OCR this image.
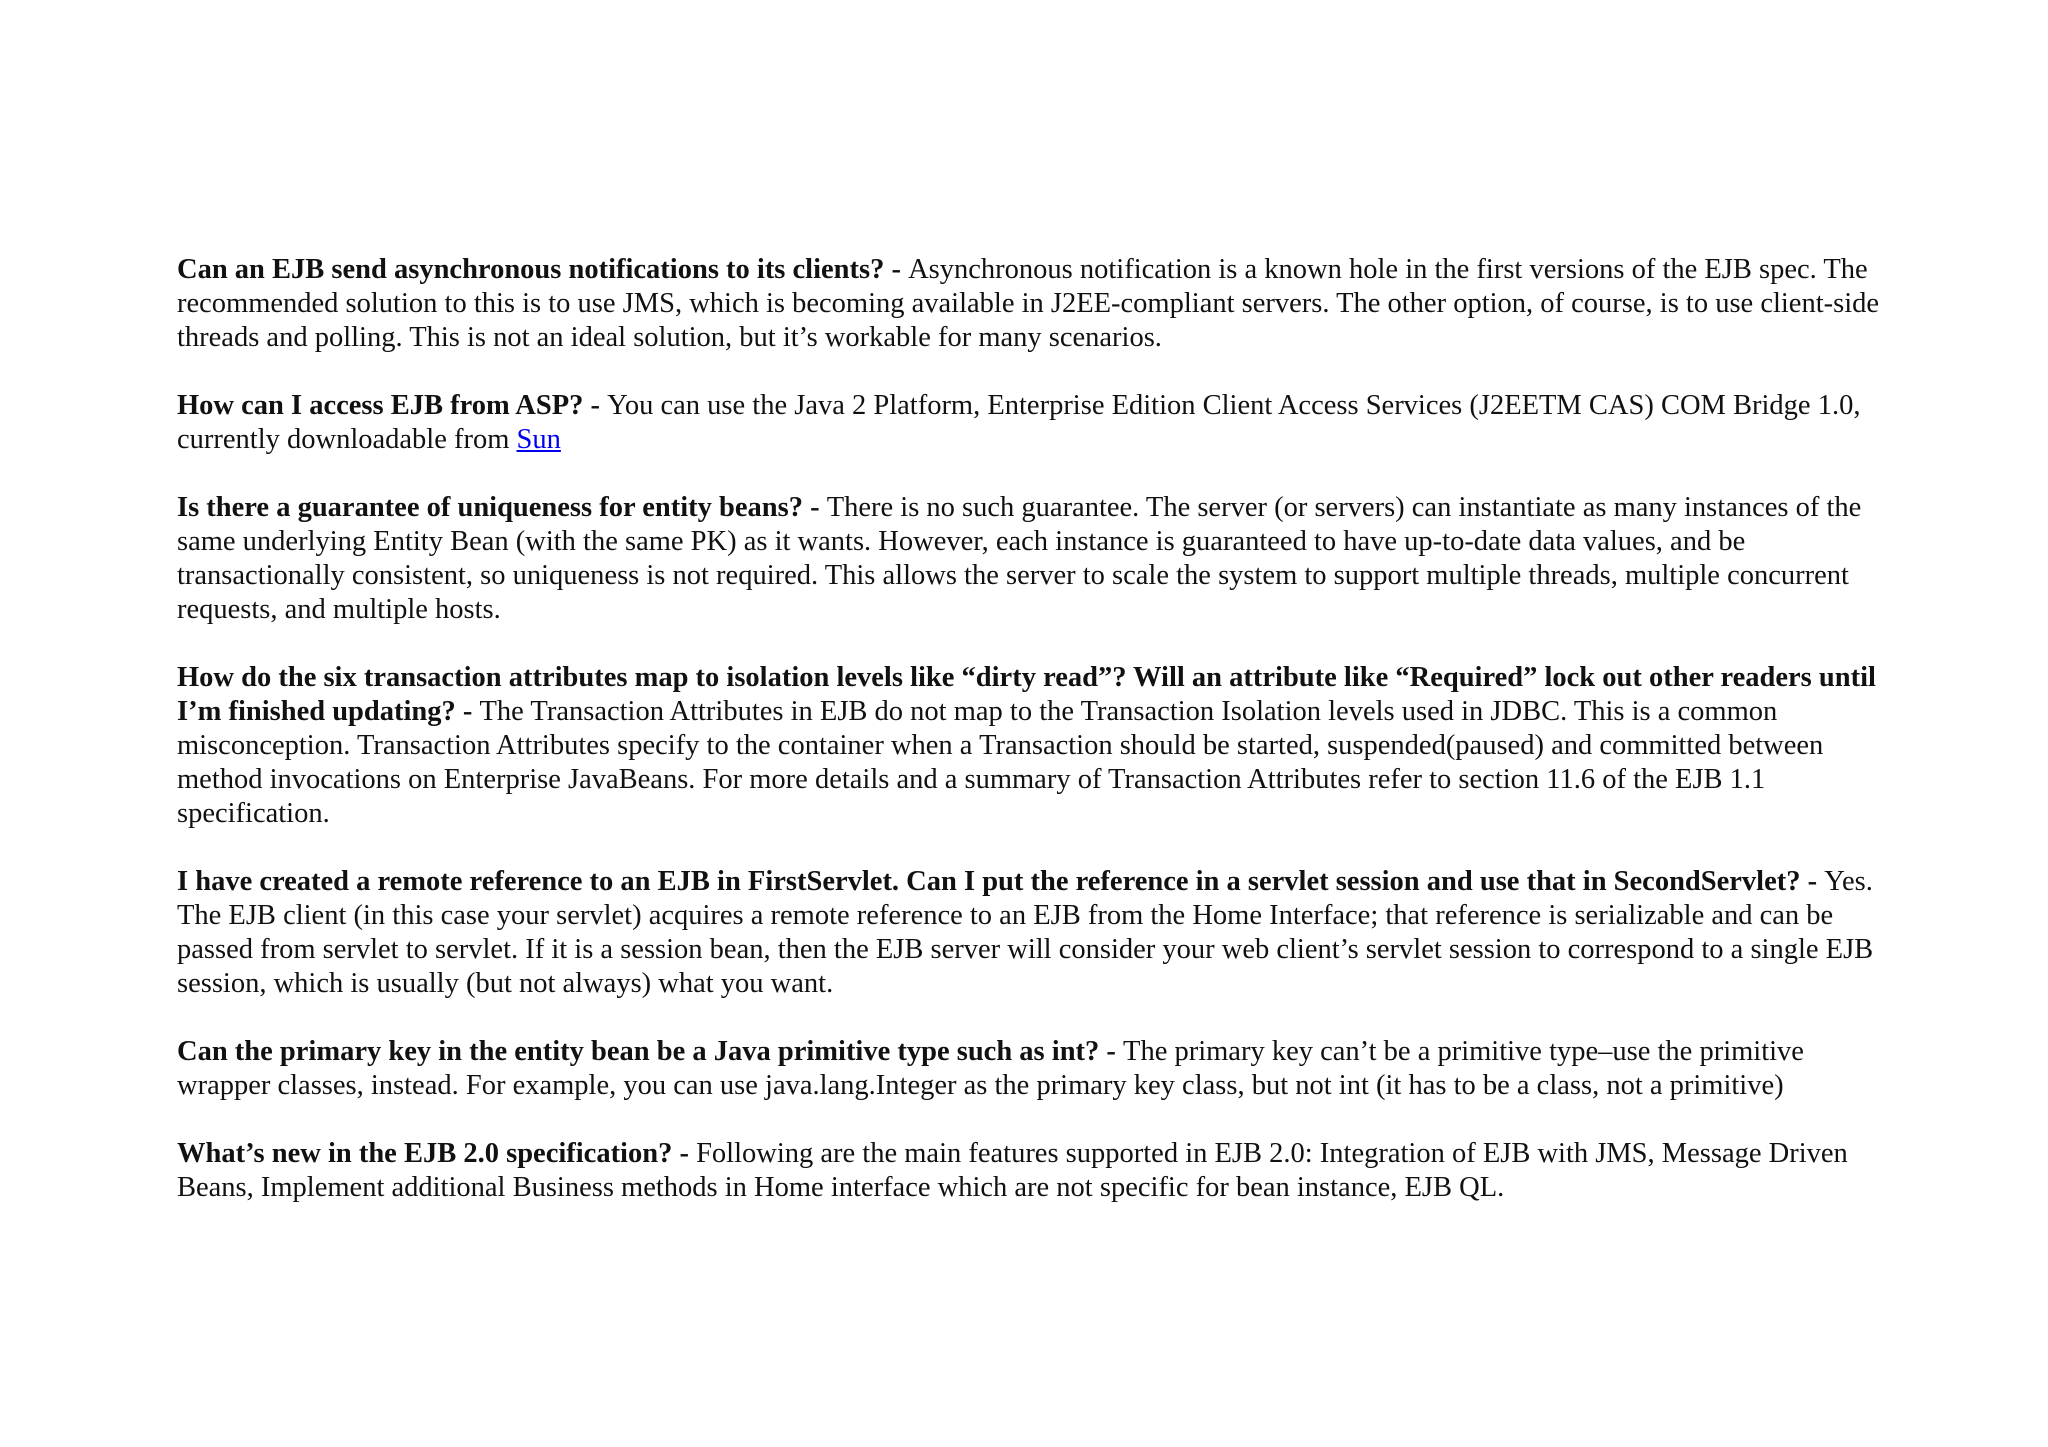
Can an EJB send asynchronous notifications to its clients? - Asynchronous notification is a known hole in the first versions of the EJB spec. The recommended solution to this is to use JMS, which is becoming available in J2EE-compliant servers. The other option, of course, is to use client-side threads and polling. This is not an ideal solution, but it’s workable for many scenarios.

How can I access EJB from ASP? - You can use the Java 2 Platform, Enterprise Edition Client Access Services (J2EETM CAS) COM Bridge 1.0, currently downloadable from Sun

Is there a guarantee of uniqueness for entity beans? - There is no such guarantee. The server (or servers) can instantiate as many instances of the same underlying Entity Bean (with the same PK) as it wants. However, each instance is guaranteed to have up-to-date data values, and be transactionally consistent, so uniqueness is not required. This allows the server to scale the system to support multiple threads, multiple concurrent requests, and multiple hosts.

How do the six transaction attributes map to isolation levels like “dirty read”? Will an attribute like “Required” lock out other readers until I’m finished updating? - The Transaction Attributes in EJB do not map to the Transaction Isolation levels used in JDBC. This is a common misconception. Transaction Attributes specify to the container when a Transaction should be started, suspended(paused) and committed between method invocations on Enterprise JavaBeans. For more details and a summary of Transaction Attributes refer to section 11.6 of the EJB 1.1 specification.

I have created a remote reference to an EJB in FirstServlet. Can I put the reference in a servlet session and use that in SecondServlet? - Yes. The EJB client (in this case your servlet) acquires a remote reference to an EJB from the Home Interface; that reference is serializable and can be passed from servlet to servlet. If it is a session bean, then the EJB server will consider your web client’s servlet session to correspond to a single EJB session, which is usually (but not always) what you want.

Can the primary key in the entity bean be a Java primitive type such as int? - The primary key can’t be a primitive type–use the primitive wrapper classes, instead. For example, you can use java.lang.Integer as the primary key class, but not int (it has to be a class, not a primitive)

What’s new in the EJB 2.0 specification? - Following are the main features supported in EJB 2.0: Integration of EJB with JMS, Message Driven Beans, Implement additional Business methods in Home interface which are not specific for bean instance, EJB QL.
